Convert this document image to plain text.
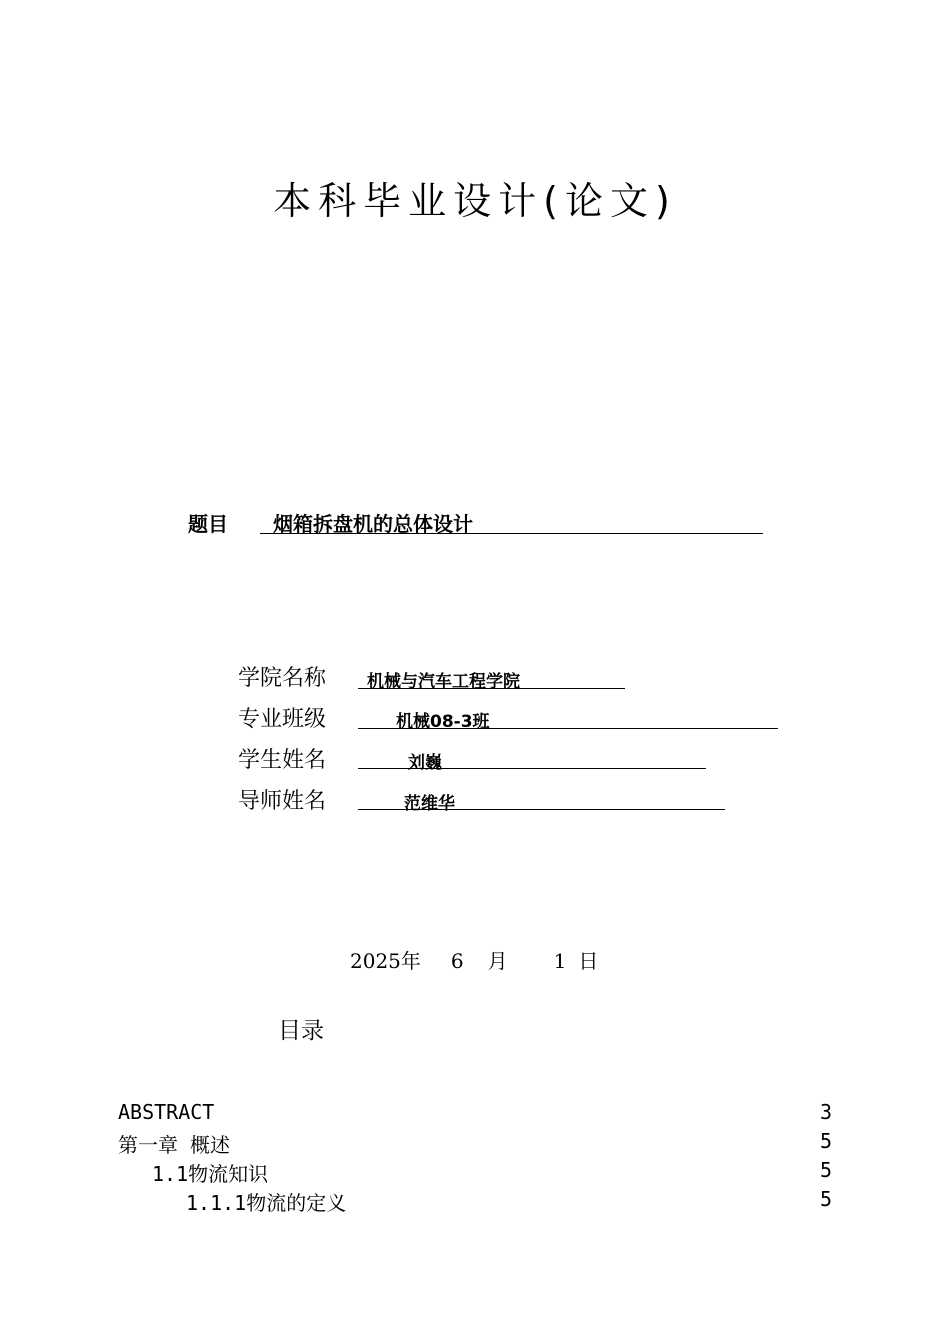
本科毕业设计(论文)
题目 烟箱拆盘机的总体设计
学院名称 机械与汽车工程学院
专业班级	机械08-3班
学生姓名	刘巍
导师姓名	范维华
2025年 6 月 1 日
目录
ABSTRACT	3
第一章 概述	5
1.1物流知识	5
1.1.1物流的定义	5
